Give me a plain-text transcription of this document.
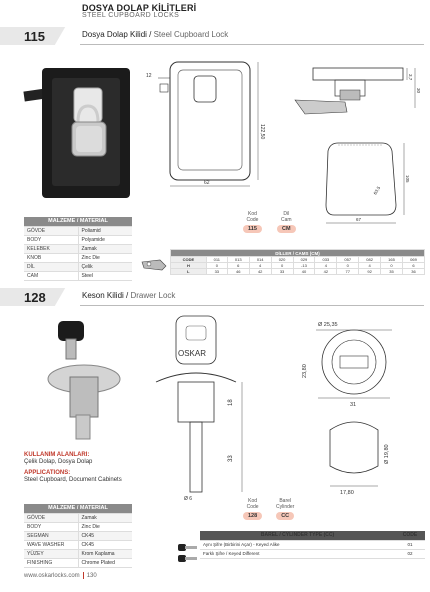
DOSYA DOLAP KİLİTLERİ
STEEL CUPBOARD LOCKS
115	Dosya Dolap Kilidi / Steel Cupboard Lock
12
122,50
62
3,7
30
105
67
63,5
MALZEME / MATERIAL	
GÖVDE	Poliamid
BODY	Polyamide
KELEBEK	Zamak
KNOB	Zinc Die
DİL	Çelik
CAM	Steel
Kod
Code
115
Dil
Cam
CM
DİLLER / CAMS (CM)										
CODE	011	013	014	020	029	033	057	082	165	069
H	0	6	4	0	-13	4	0	4	0	6
L	33	46	42	33	40	42	77	92	35	36
128	Keson Kilidi / Drawer Lock
OSKAR
18
33
Ø 6
Ø 25,35
23,80
31
Ø 19,80
17,80
KULLANIM ALANLARI:
Çelik Dolap, Dosya Dolap
APPLICATIONS:
Steel Cupboard, Document Cabinets
MALZEME / MATERIAL	
GÖVDE	Zamak
BODY	Zinc Die
SEGMAN	CK45
WAVE WASHER	CK45
YÜZEY	Krom Kaplama
FINISHING	Chrome Plated
Kod
Code
128
Barel
Cylinder
CC
BAREL / CYLINDER TYPE (CC)	CODE
Aynı Şifre (Birbirini Açar) - Keyed Alike	01
Farklı Şifre / Keyed Different	02
www.oskarlocks.com 130
